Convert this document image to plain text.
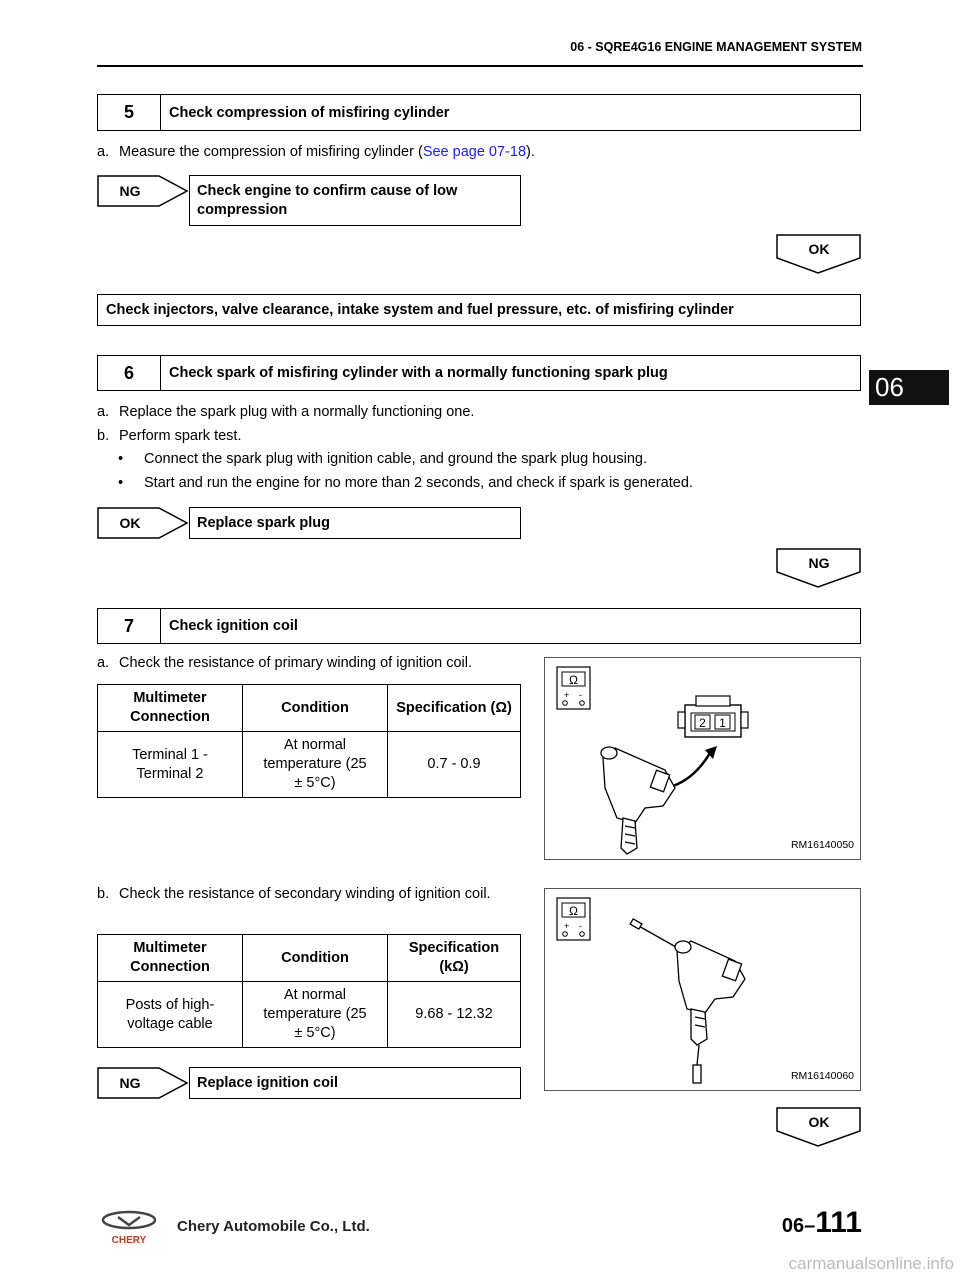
06 - SQRE4G16 ENGINE MANAGEMENT SYSTEM
06
5	Check compression of misfiring cylinder
a. Measure the compression of misfiring cylinder (See page 07-18).
NG	Check engine to confirm cause of low compression
OK
Check injectors, valve clearance, intake system and fuel pressure, etc. of misfiring cylinder
6	Check spark of misfiring cylinder with a normally functioning spark plug
a. Replace the spark plug with a normally functioning one.
b. Perform spark test.
• Connect the spark plug with ignition cable, and ground the spark plug housing.
• Start and run the engine for no more than 2 seconds, and check if spark is generated.
OK	Replace spark plug
NG
7	Check ignition coil
a. Check the resistance of primary winding of ignition coil.
Multimeter Connection	Condition	Specification (Ω)
Terminal 1 - Terminal 2	At normal temperature (25 ± 5°C)	0.7 - 0.9
Ω
+ -
2 1
RM16140050
b. Check the resistance of secondary winding of ignition coil.
Multimeter Connection	Condition	Specification (kΩ)
Posts of high-voltage cable	At normal temperature (25 ± 5°C)	9.68 - 12.32
Ω
+ -
RM16140060
NG	Replace ignition coil
OK
CHERY
Chery Automobile Co., Ltd.	06–111
carmanualsonline.info
